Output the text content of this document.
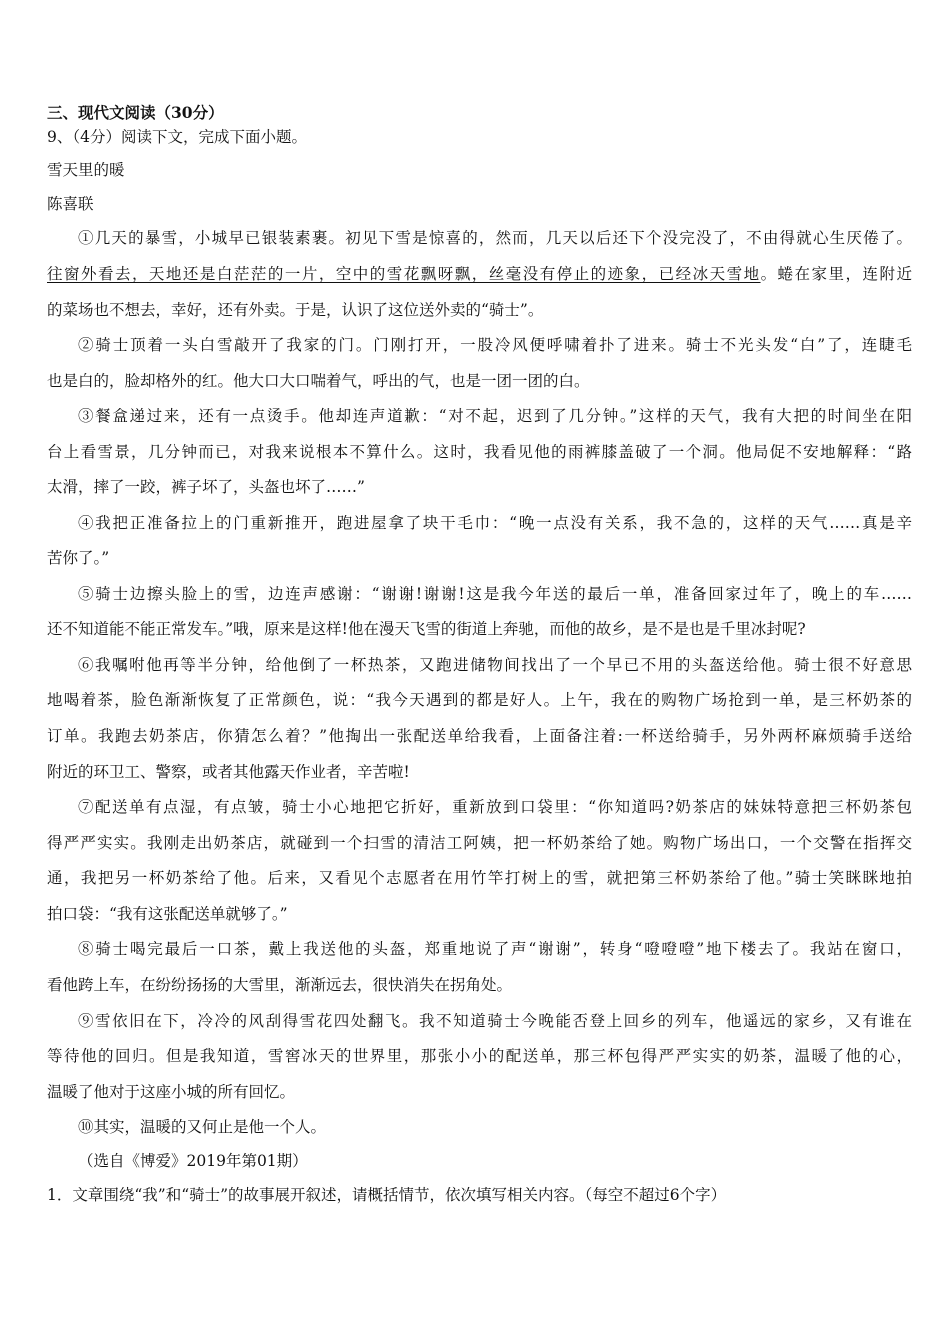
三、现代文阅读（30分）
9、（4分）阅读下文，完成下面小题。
雪天里的暖
陈喜联
①几天的暴雪，小城早已银装素裹。初见下雪是惊喜的，然而，几天以后还下个没完没了，不由得就心生厌倦了。
往窗外看去，天地还是白茫茫的一片，空中的雪花飘呀飘，丝毫没有停止的迹象，已经冰天雪地。蜷在家里，连附近
的菜场也不想去，幸好，还有外卖。于是，认识了这位送外卖的“骑士”。
②骑士顶着一头白雪敲开了我家的门。门刚打开，一股冷风便呼啸着扑了进来。骑士不光头发“白”了，连睫毛
也是白的，脸却格外的红。他大口大口喘着气，呼出的气，也是一团一团的白。
③餐盒递过来，还有一点烫手。他却连声道歉：“对不起，迟到了几分钟。”这样的天气，我有大把的时间坐在阳
台上看雪景，几分钟而已，对我来说根本不算什么。这时，我看见他的雨裤膝盖破了一个洞。他局促不安地解释：“路
太滑，摔了一跤，裤子坏了，头盔也坏了……”
④我把正准备拉上的门重新推开，跑进屋拿了块干毛巾：“晚一点没有关系，我不急的，这样的天气……真是辛
苦你了。”
⑤骑士边擦头脸上的雪，边连声感谢：“谢谢!谢谢!这是我今年送的最后一单，准备回家过年了，晚上的车……
还不知道能不能正常发车。”哦，原来是这样!他在漫天飞雪的街道上奔驰，而他的故乡，是不是也是千里冰封呢?
⑥我嘱咐他再等半分钟，给他倒了一杯热茶，又跑进储物间找出了一个早已不用的头盔送给他。骑士很不好意思
地喝着茶，脸色渐渐恢复了正常颜色，说：“我今天遇到的都是好人。上午，我在的购物广场抢到一单，是三杯奶茶的
订单。我跑去奶茶店，你猜怎么着？”他掏出一张配送单给我看，上面备注着:一杯送给骑手，另外两杯麻烦骑手送给
附近的环卫工、警察，或者其他露天作业者，辛苦啦!
⑦配送单有点湿，有点皱，骑士小心地把它折好，重新放到口袋里：“你知道吗?奶茶店的妹妹特意把三杯奶茶包
得严严实实。我刚走出奶茶店，就碰到一个扫雪的清洁工阿姨，把一杯奶茶给了她。购物广场出口，一个交警在指挥交
通，我把另一杯奶茶给了他。后来，又看见个志愿者在用竹竿打树上的雪，就把第三杯奶茶给了他。”骑士笑眯眯地拍
拍口袋：“我有这张配送单就够了。”
⑧骑士喝完最后一口茶，戴上我送他的头盔，郑重地说了声“谢谢”，转身“噔噔噔”地下楼去了。我站在窗口，
看他跨上车，在纷纷扬扬的大雪里，渐渐远去，很快消失在拐角处。
⑨雪依旧在下，冷冷的风刮得雪花四处翻飞。我不知道骑士今晚能否登上回乡的列车，他遥远的家乡，又有谁在
等待他的回归。但是我知道，雪窖冰天的世界里，那张小小的配送单，那三杯包得严严实实的奶茶，温暖了他的心，
温暖了他对于这座小城的所有回忆。
⑩其实，温暖的又何止是他一个人。
（选自《博爱》2019年第01期）
1．文章围绕“我”和“骑士”的故事展开叙述，请概括情节，依次填写相关内容。（每空不超过6个字）
